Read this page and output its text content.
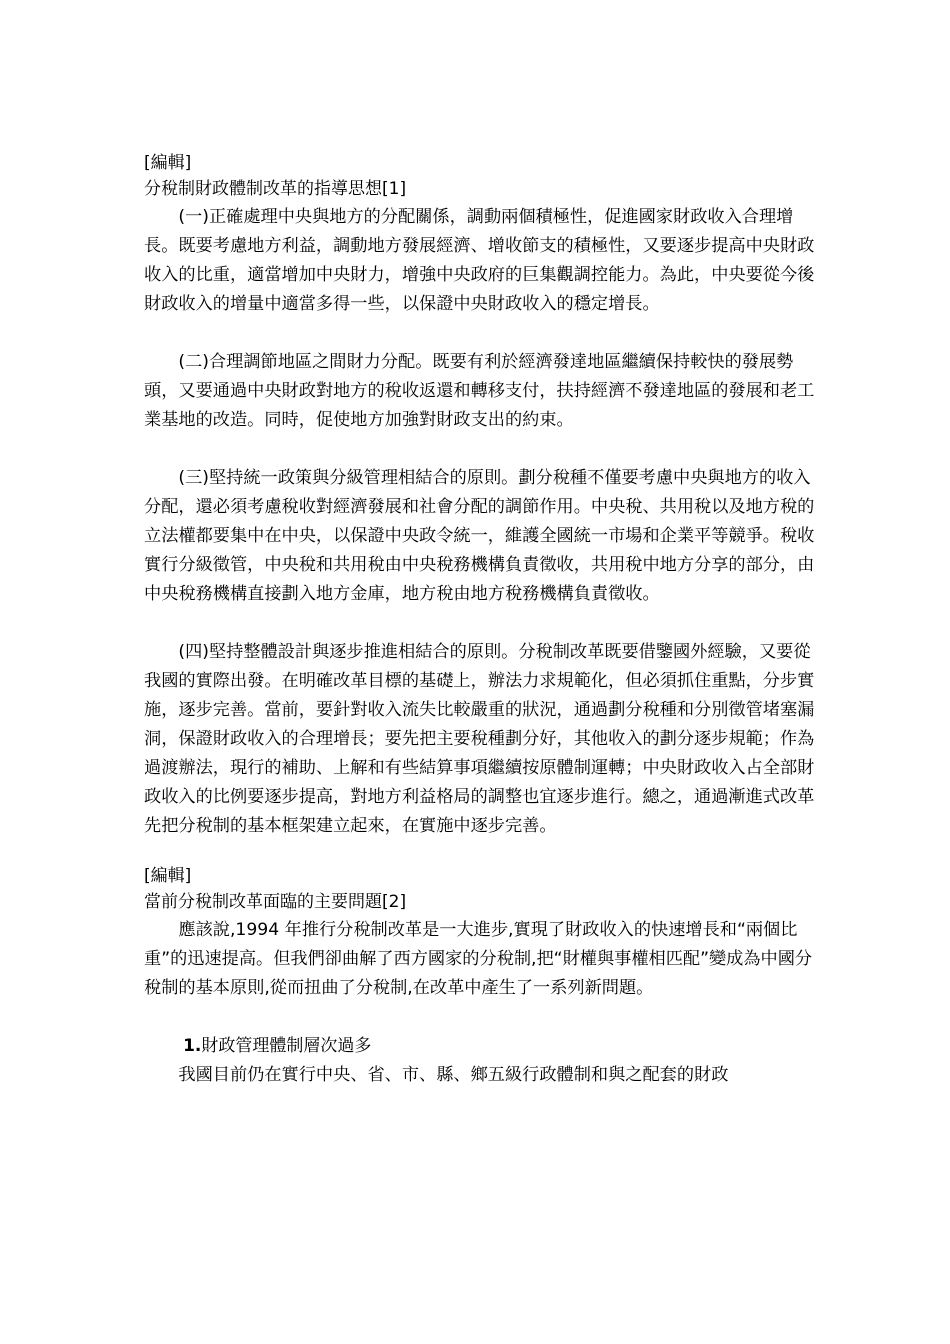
[編輯]
分稅制財政體制改革的指導思想[1]

(一)正確處理中央與地方的分配關係，調動兩個積極性，促進國家財政收入合理增長。既要考慮地方利益，調動地方發展經濟、增收節支的積極性，又要逐步提高中央財政收入的比重，適當增加中央財力，增強中央政府的巨集觀調控能力。為此，中央要從今後財政收入的增量中適當多得一些，以保證中央財政收入的穩定增長。

(二)合理調節地區之間財力分配。既要有利於經濟發達地區繼續保持較快的發展勢頭，又要通過中央財政對地方的稅收返還和轉移支付，扶持經濟不發達地區的發展和老工業基地的改造。同時，促使地方加強對財政支出的約束。

(三)堅持統一政策與分級管理相結合的原則。劃分稅種不僅要考慮中央與地方的收入分配，還必須考慮稅收對經濟發展和社會分配的調節作用。中央稅、共用稅以及地方稅的立法權都要集中在中央，以保證中央政令統一，維護全國統一市場和企業平等競爭。稅收實行分級徵管，中央稅和共用稅由中央稅務機構負責徵收，共用稅中地方分享的部分，由中央稅務機構直接劃入地方金庫，地方稅由地方稅務機構負責徵收。

(四)堅持整體設計與逐步推進相結合的原則。分稅制改革既要借鑒國外經驗，又要從我國的實際出發。在明確改革目標的基礎上，辦法力求規範化，但必須抓住重點，分步實施，逐步完善。當前，要針對收入流失比較嚴重的狀況，通過劃分稅種和分別徵管堵塞漏洞，保證財政收入的合理增長；要先把主要稅種劃分好，其他收入的劃分逐步規範；作為過渡辦法，現行的補助、上解和有些結算事項繼續按原體制運轉；中央財政收入占全部財政收入的比例要逐步提高，對地方利益格局的調整也宜逐步進行。總之，通過漸進式改革先把分稅制的基本框架建立起來，在實施中逐步完善。

[編輯]
當前分稅制改革面臨的主要問題[2]

應該說,1994 年推行分稅制改革是一大進步,實現了財政收入的快速增長和“兩個比重”的迅速提高。但我們卻曲解了西方國家的分稅制,把“財權與事權相匹配”變成為中國分稅制的基本原則,從而扭曲了分稅制,在改革中產生了一系列新問題。

1.財政管理體制層次過多

我國目前仍在實行中央、省、市、縣、鄉五級行政體制和與之配套的財政
